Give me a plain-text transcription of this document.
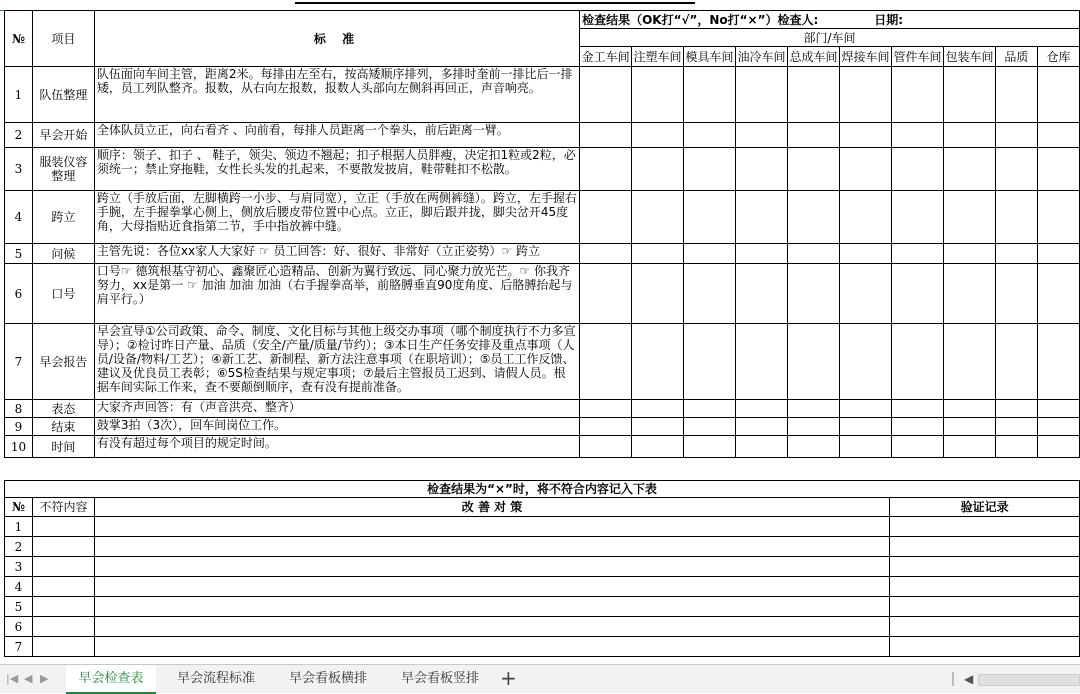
№	项目	标 准	检查结果（OK打“√”，No打“×”）检查人: 日期:									
			部门/车间									
			金工车间	注塑车间	模具车间	油冷车间	总成车间	焊接车间	管件车间	包装车间	品质	仓库
1	队伍整理	队伍面向车间主管，距离2米。每排由左至右，按高矮顺序排列，多排时奎前一排比后一排矮，员工列队整齐。报数，从右向左报数，报数人头部向左侧斜再回正，声音响亮。										
2	早会开始	全体队员立正，向右看齐 、向前看，每排人员距离一个拳头，前后距离一臂。										
3	服装仪容整理	顺序：领子、扣子 、 鞋子，领尖、领边不翘起；扣子根据人员胖瘦，决定扣1粒或2粒，必须统一；禁止穿拖鞋，女性长头发的扎起来，不要散发披肩，鞋带鞋扣不松散。										
4	跨立	跨立（手放后面，左脚横跨一小步、与肩同宽），立正（手放在两侧裤缝）。跨立，左手握右手腕，左手握拳掌心侧上，侧放后腰皮带位置中心点。立正，脚后跟并拢，脚尖岔开45度角，大母指贴近食指第二节，手中指放裤中缝。										
5	问候	主管先说：各位xx家人大家好 ☞ 员工回答：好、很好、非常好（立正姿势）☞ 跨立										
6	口号	口号☞ 德筑根基守初心、鑫聚匠心造精品、创新为翼行致远、同心聚力放光芒。☞ 你我齐努力，xx是第一 ☞ 加油 加油 加油（右手握拳高举，前胳膊垂直90度角度、后胳膊抬起与肩平行。）										
7	早会报告	早会宣导①公司政策、命令、制度、文化目标与其他上级交办事项（哪个制度执行不力多宣导）；②检讨昨日产量、品质（安全/产量/质量/节约）；③本日生产任务安排及重点事项（人员/设备/物料/工艺）；④新工艺、新制程、新方法注意事项（在职培训）；⑤员工工作反馈、建议及优良员工表彰；⑥5S检查结果与规定事项；⑦最后主管报员工迟到、请假人员。根据车间实际工作来，查不要颠倒顺序，查有没有提前准备。										
8	表态	大家齐声回答：有（声音洪亮、整齐）										
9	结束	鼓掌3拍（3次），回车间岗位工作。										
10	时间	有没有超过每个项目的规定时间。										
检查结果为“×”时，将不符合内容记入下表			
№	不符内容	改 善 对 策	验证记录
1			
2			
3			
4			
5			
6			
7			
|◀ ◀ ▶	早会检查表	早会流程标准	早会看板横排	早会看板竖排	+	◀
